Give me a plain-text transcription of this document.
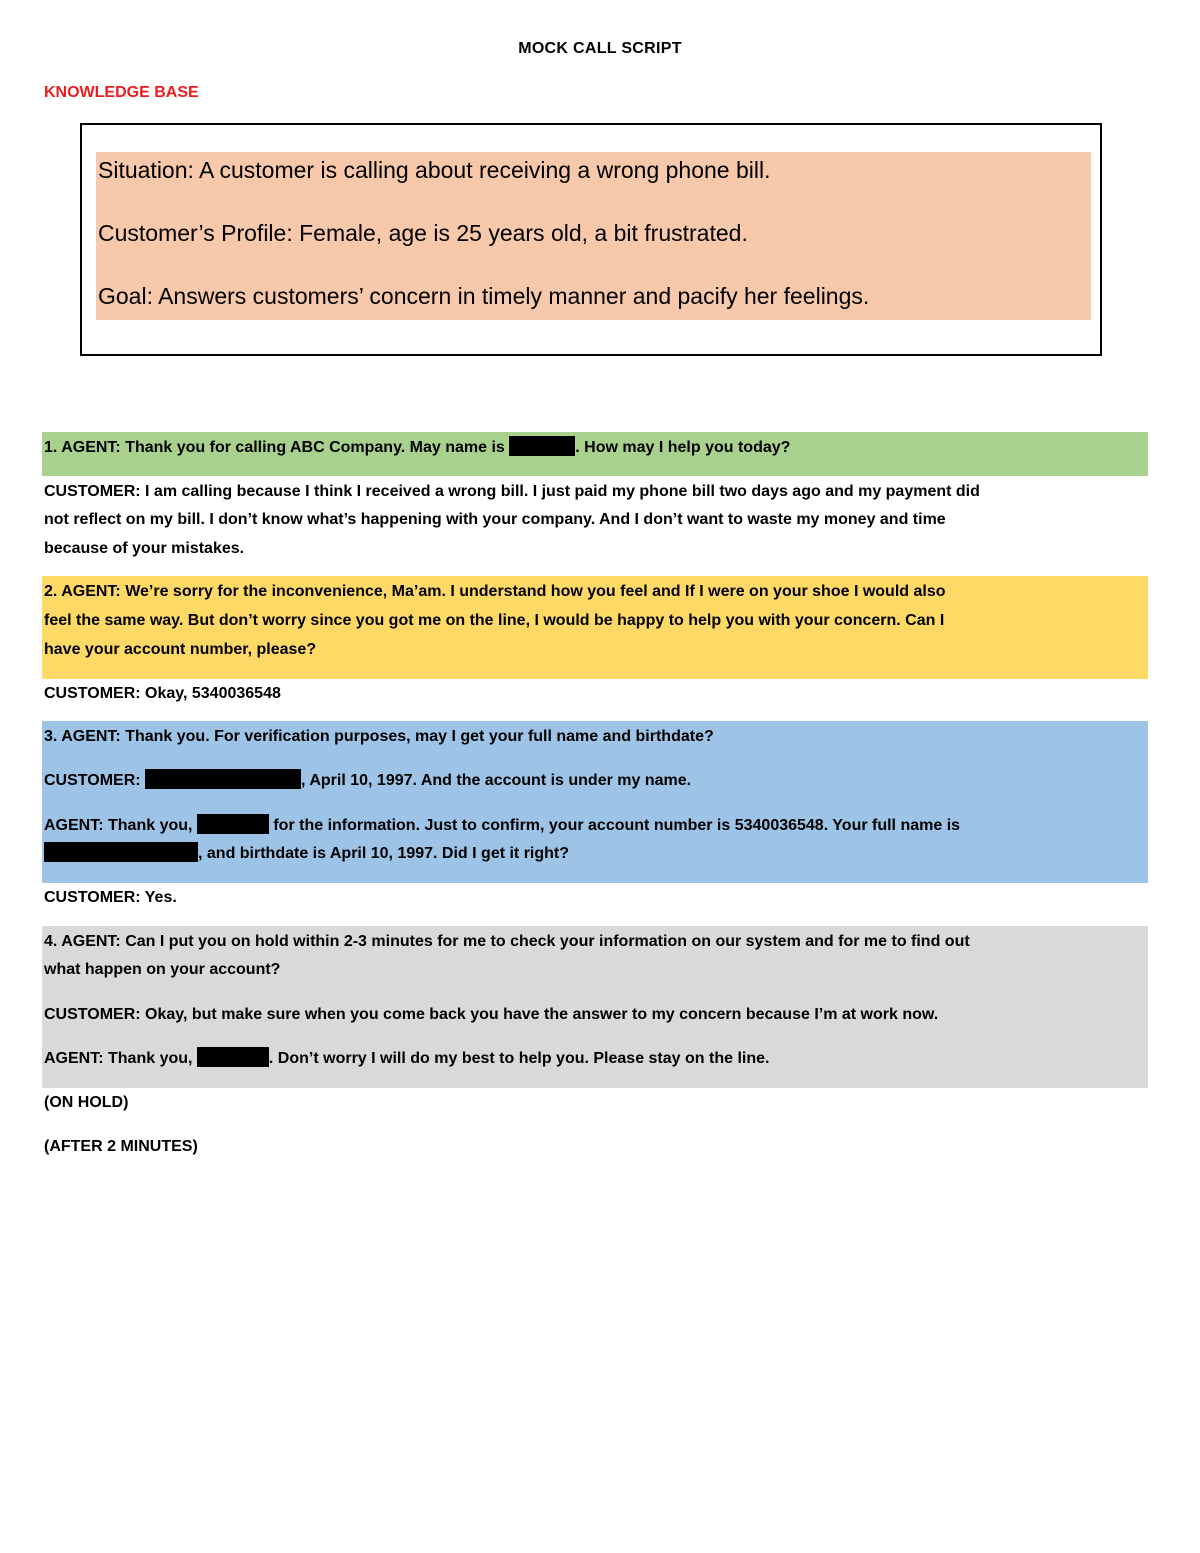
MOCK CALL SCRIPT
KNOWLEDGE BASE
Situation: A customer is calling about receiving a wrong phone bill.
Customer’s Profile: Female, age is 25 years old, a bit frustrated.
Goal: Answers customers’ concern in timely manner and pacify her feelings.
1. AGENT: Thank you for calling ABC Company. May name is	. How may I help you today?
CUSTOMER: I am calling because I think I received a wrong bill. I just paid my phone bill two days ago and my payment did
not reflect on my bill. I don’t know what’s happening with your company. And I don’t want to waste my money and time
because of your mistakes.
2. AGENT: We’re sorry for the inconvenience, Ma’am. I understand how you feel and If I were on your shoe I would also
feel the same way. But don’t worry since you got me on the line, I would be happy to help you with your concern. Can I
have your account number, please?
CUSTOMER: Okay, 5340036548
3. AGENT: Thank you. For verification purposes, may I get your full name and birthdate?
CUSTOMER:	, April 10, 1997. And the account is under my name.
AGENT: Thank you,	for the information. Just to confirm, your account number is 5340036548. Your full name is
, and birthdate is April 10, 1997. Did I get it right?
CUSTOMER: Yes.
4. AGENT: Can I put you on hold within 2-3 minutes for me to check your information on our system and for me to find out
what happen on your account?
CUSTOMER: Okay, but make sure when you come back you have the answer to my concern because I’m at work now.
AGENT: Thank you,	. Don’t worry I will do my best to help you. Please stay on the line.
(ON HOLD)
(AFTER 2 MINUTES)
